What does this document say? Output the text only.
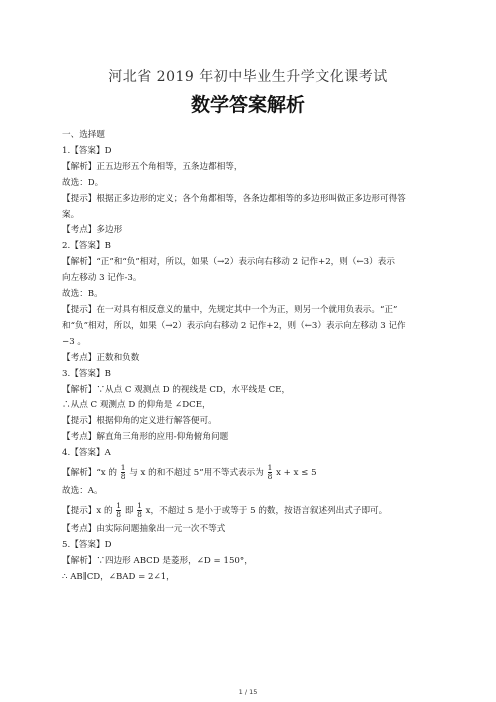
河北省 2019 年初中毕业生升学文化课考试
数学答案解析
一、选择题
1.【答案】D
【解析】正五边形五个角相等，五条边都相等，
故选：D。
【提示】根据正多边形的定义；各个角都相等，各条边都相等的多边形叫做正多边形可得答
案。
【考点】多边形
2.【答案】B
【解析】“正”和“负”相对，所以，如果（→2）表示向右移动 2 记作+2，则（←3）表示
向左移动 3 记作-3。
故选：B。
【提示】在一对具有相反意义的量中，先规定其中一个为正，则另一个就用负表示。“正”
和“负”相对，所以，如果（→2）表示向右移动 2 记作+2，则（←3）表示向左移动 3 记作
−3 。
【考点】正数和负数
3.【答案】B
【解析】∵从点 C 观测点 D 的视线是 CD，水平线是 CE，
∴从点 C 观测点 D 的仰角是 ∠DCE，
【提示】根据仰角的定义进行解答便可。
【考点】解直角三角形的应用-仰角俯角问题
4.【答案】A
【解析】“x 的 $\frac{1}{8}$ 与 x 的和不超过 5”用不等式表示为 $\frac{1}{8}$ x + x ≤ 5
故选：A。
【提示】x 的 $\frac{1}{8}$ 即 $\frac{1}{8}$ x，不超过 5 是小于或等于 5 的数，按语言叙述列出式子即可。
【考点】由实际问题抽象出一元一次不等式
5.【答案】D
【解析】∵四边形 ABCD 是菱形，∠D = 150°，
∴ AB∥CD，∠BAD = 2∠1，
1 / 15
